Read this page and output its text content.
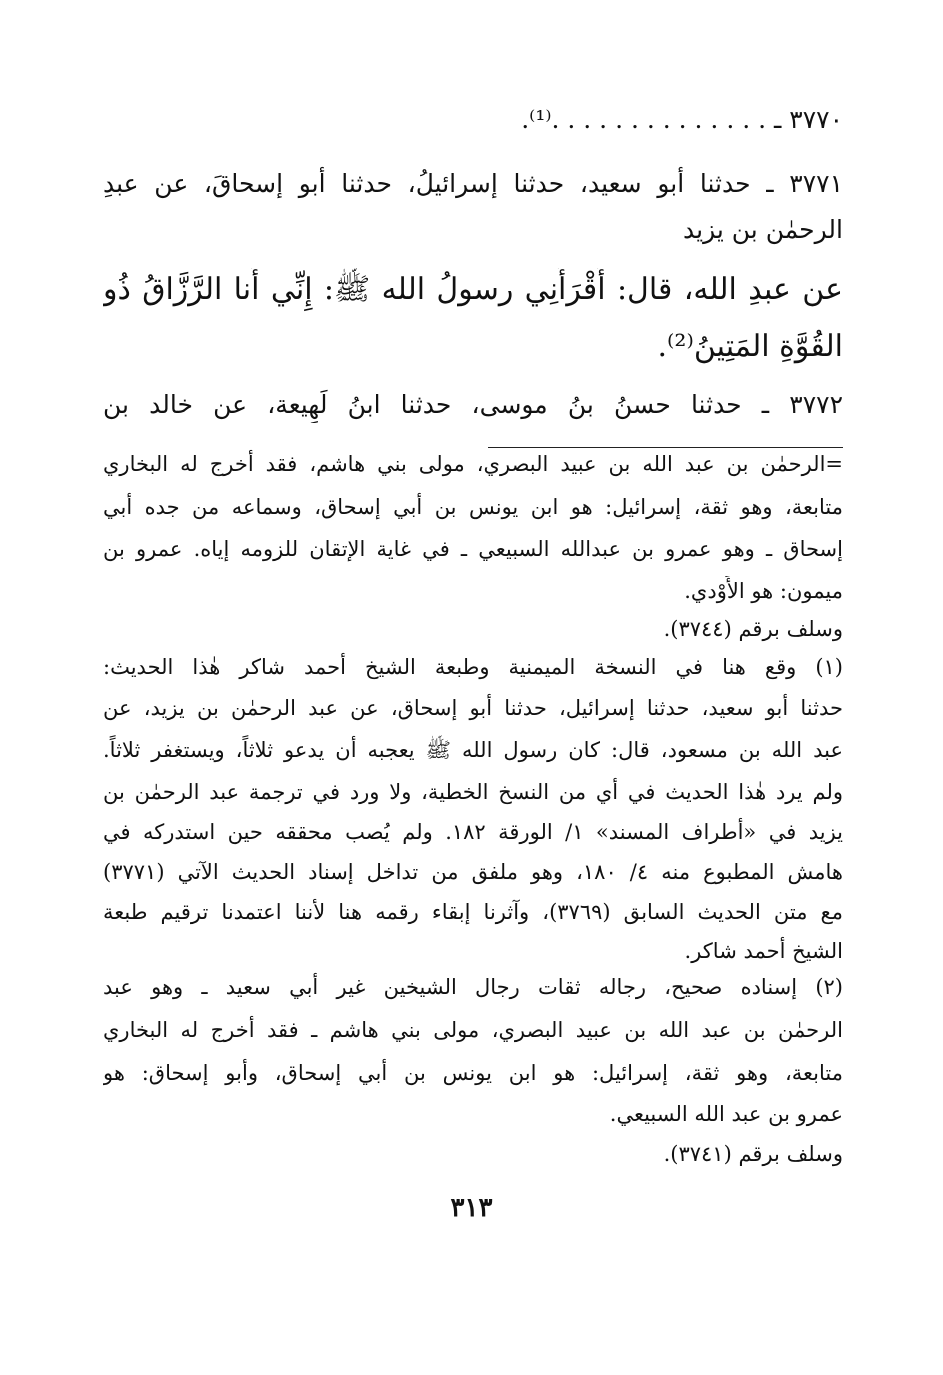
٣٧٧٠ ـ . . . . . . . . . . . . . .⁽¹⁾.
٣٧٧١ ـ حدثنا أبو سعيد، حدثنا إسرائيلُ، حدثنا أبو إسحاقَ، عن عبدِ
الرحمٰن بن يزيد
عن عبدِ الله، قال: أَقْرَأَنِي رسولُ الله ﷺ: إِنِّي أَنا الرَّزَّاقُ ذُو
القُوَّةِ المَتِينُ⁽²⁾.
٣٧٧٢ ـ حدثنا حسنُ بنُ موسى، حدثنا ابنُ لَهِيعة، عن خالد بن
=الرحمٰن بن عبد الله بن عبيد البصري، مولى بني هاشم، فقد أخرج له البخاري
متابعة، وهو ثقة، إسرائيل: هو ابن يونس بن أبي إسحاق، وسماعه من جده أبي
إسحاق ـ وهو عمرو بن عبدالله السبيعي ـ في غاية الإتقان للزومه إياه. عمرو بن
ميمون: هو الأَوْدي.
وسلف برقم (٣٧٤٤).
(١) وقع هنا في النسخة الميمنية وطبعة الشيخ أحمد شاكر هٰذا الحديث:
حدثنا أبو سعيد، حدثنا إسرائيل، حدثنا أبو إسحاق، عن عبد الرحمٰن بن يزيد، عن
عبد الله بن مسعود، قال: كان رسول الله ﷺ يعجبه أن يدعو ثلاثاً، ويستغفر ثلاثاً.
ولم يرد هٰذا الحديث في أي من النسخ الخطية، ولا ورد في ترجمة عبد الرحمٰن بن
يزيد في «أطراف المسند» ١/ الورقة ١٨٢. ولم يُصب محققه حين استدركه في
هامش المطبوع منه ٤/ ١٨٠، وهو ملفق من تداخل إسناد الحديث الآتي (٣٧٧١)
مع متن الحديث السابق (٣٧٦٩)، وآثرنا إبقاء رقمه هنا لأننا اعتمدنا ترقيم طبعة
الشيخ أحمد شاكر.
(٢) إسناده صحيح، رجاله ثقات رجال الشيخين غير أبي سعيد ـ وهو عبد
الرحمٰن بن عبد الله بن عبيد البصري، مولى بني هاشم ـ فقد أخرج له البخاري
متابعة، وهو ثقة، إسرائيل: هو ابن يونس بن أبي إسحاق، وأبو إسحاق: هو
عمرو بن عبد الله السبيعي.
وسلف برقم (٣٧٤١).
٣١٣
